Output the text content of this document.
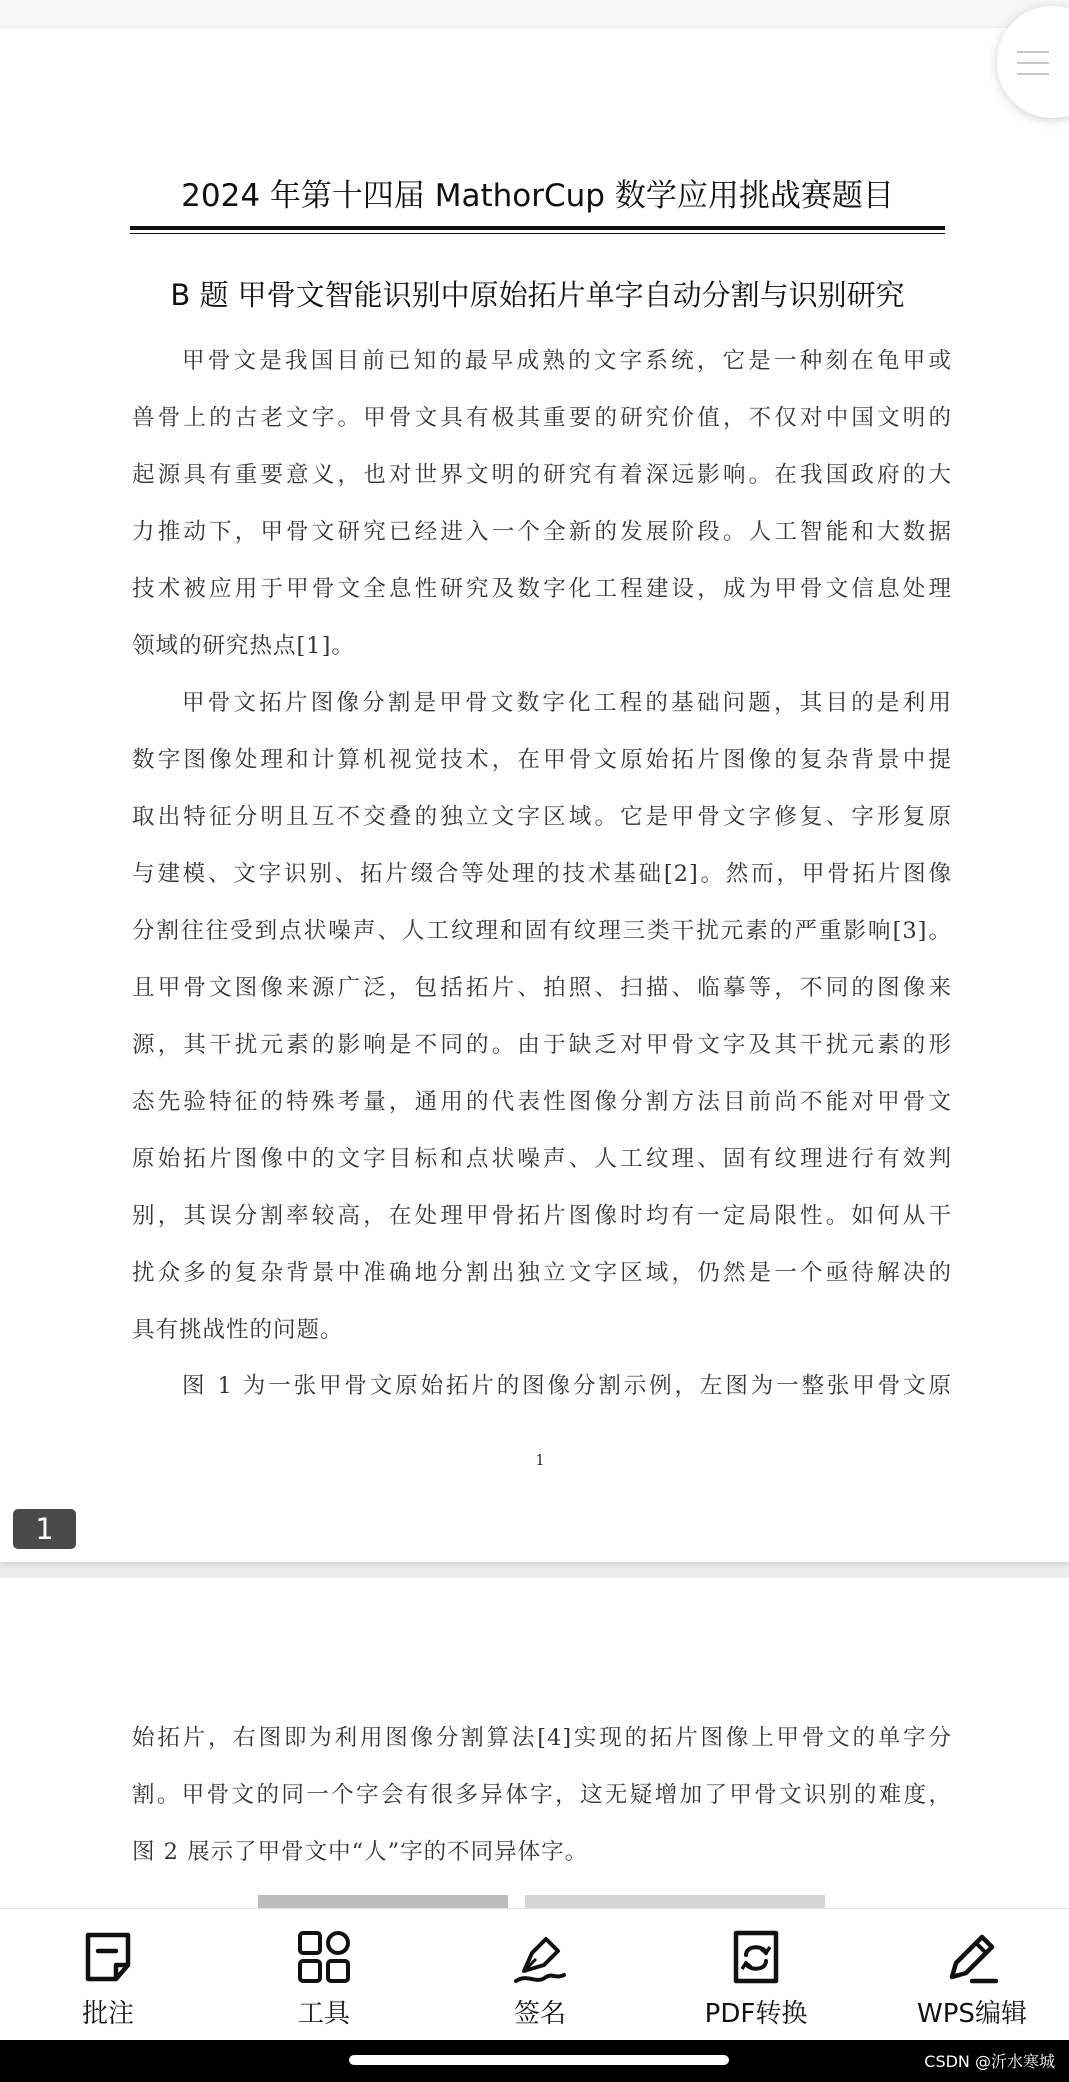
2024 年第十四届 MathorCup 数学应用挑战赛题目
B 题 甲骨文智能识别中原始拓片单字自动分割与识别研究
甲骨文是我国目前已知的最早成熟的文字系统，它是一种刻在龟甲或
兽骨上的古老文字。甲骨文具有极其重要的研究价值，不仅对中国文明的
起源具有重要意义，也对世界文明的研究有着深远影响。在我国政府的大
力推动下，甲骨文研究已经进入一个全新的发展阶段。人工智能和大数据
技术被应用于甲骨文全息性研究及数字化工程建设，成为甲骨文信息处理
领域的研究热点[1]。
甲骨文拓片图像分割是甲骨文数字化工程的基础问题，其目的是利用
数字图像处理和计算机视觉技术，在甲骨文原始拓片图像的复杂背景中提
取出特征分明且互不交叠的独立文字区域。它是甲骨文字修复、字形复原
与建模、文字识别、拓片缀合等处理的技术基础[2]。然而，甲骨拓片图像
分割往往受到点状噪声、人工纹理和固有纹理三类干扰元素的严重影响[3]。
且甲骨文图像来源广泛，包括拓片、拍照、扫描、临摹等，不同的图像来
源，其干扰元素的影响是不同的。由于缺乏对甲骨文字及其干扰元素的形
态先验特征的特殊考量，通用的代表性图像分割方法目前尚不能对甲骨文
原始拓片图像中的文字目标和点状噪声、人工纹理、固有纹理进行有效判
别，其误分割率较高，在处理甲骨拓片图像时均有一定局限性。如何从干
扰众多的复杂背景中准确地分割出独立文字区域，仍然是一个亟待解决的
具有挑战性的问题。
图 1 为一张甲骨文原始拓片的图像分割示例，左图为一整张甲骨文原
1
1
始拓片，右图即为利用图像分割算法[4]实现的拓片图像上甲骨文的单字分
割。甲骨文的同一个字会有很多异体字，这无疑增加了甲骨文识别的难度，
图 2 展示了甲骨文中“人”字的不同异体字。
批注	工具	签名	PDF转换	WPS编辑
CSDN @沂水寒城
